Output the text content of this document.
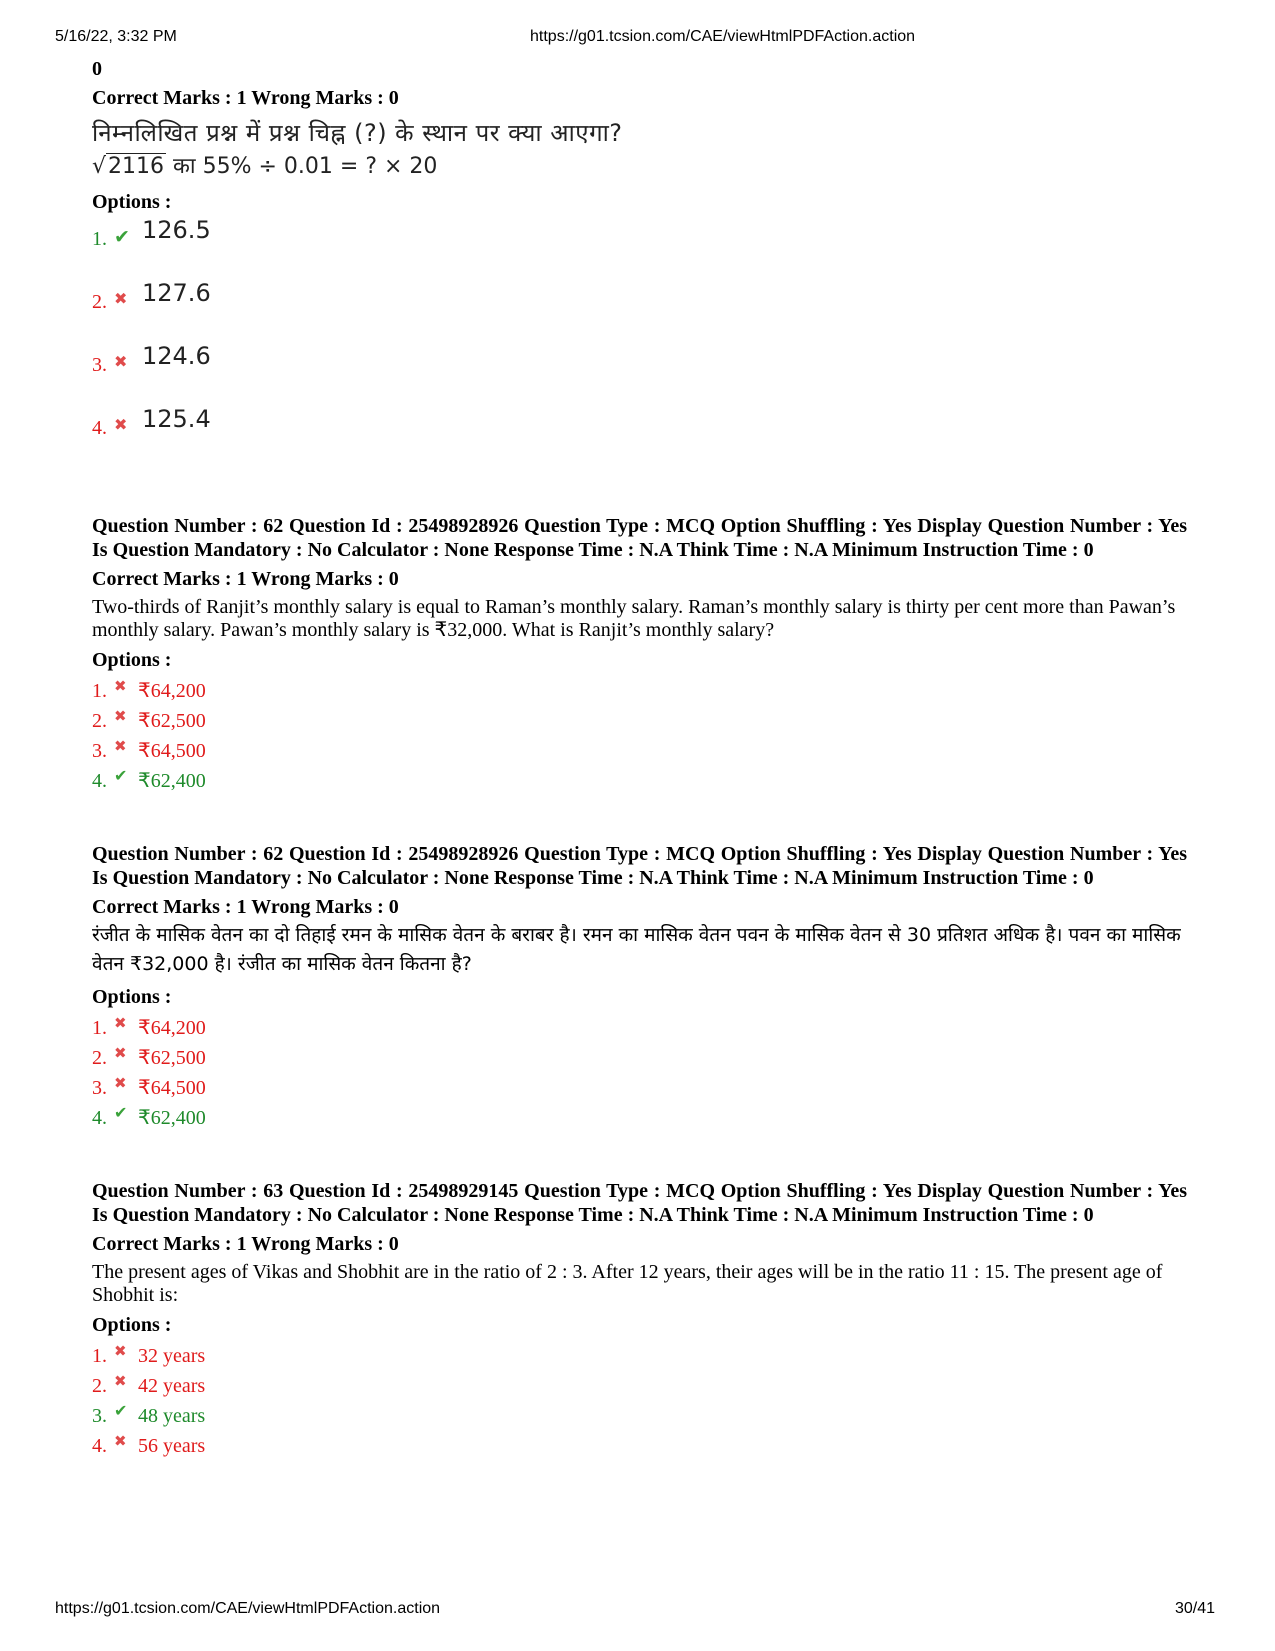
5/16/22, 3:32 PM	https://g01.tcsion.com/CAE/viewHtmlPDFAction.action
0
Correct Marks : 1 Wrong Marks : 0
निम्नलिखित प्रश्न में प्रश्न चिह्न (?) के स्थान पर क्या आएगा?
√2116 का 55% ÷ 0.01 = ? × 20
Options :
1. ✔ 126.5
2. ✖ 127.6
3. ✖ 124.6
4. ✖ 125.4
Question Number : 62 Question Id : 25498928926 Question Type : MCQ Option Shuffling : Yes Display Question Number : Yes Is Question Mandatory : No Calculator : None Response Time : N.A Think Time : N.A Minimum Instruction Time : 0
Correct Marks : 1 Wrong Marks : 0
Two-thirds of Ranjit’s monthly salary is equal to Raman’s monthly salary. Raman’s monthly salary is thirty per cent more than Pawan’s monthly salary. Pawan’s monthly salary is ₹32,000. What is Ranjit’s monthly salary?
Options :
1. ✖ ₹64,200
2. ✖ ₹62,500
3. ✖ ₹64,500
4. ✔ ₹62,400
Question Number : 62 Question Id : 25498928926 Question Type : MCQ Option Shuffling : Yes Display Question Number : Yes Is Question Mandatory : No Calculator : None Response Time : N.A Think Time : N.A Minimum Instruction Time : 0
Correct Marks : 1 Wrong Marks : 0
रंजीत के मासिक वेतन का दो तिहाई रमन के मासिक वेतन के बराबर है। रमन का मासिक वेतन पवन के मासिक वेतन से 30 प्रतिशत अधिक है। पवन का मासिक वेतन ₹32,000 है। रंजीत का मासिक वेतन कितना है?
Options :
1. ✖ ₹64,200
2. ✖ ₹62,500
3. ✖ ₹64,500
4. ✔ ₹62,400
Question Number : 63 Question Id : 25498929145 Question Type : MCQ Option Shuffling : Yes Display Question Number : Yes Is Question Mandatory : No Calculator : None Response Time : N.A Think Time : N.A Minimum Instruction Time : 0
Correct Marks : 1 Wrong Marks : 0
The present ages of Vikas and Shobhit are in the ratio of 2 : 3. After 12 years, their ages will be in the ratio 11 : 15. The present age of Shobhit is:
Options :
1. ✖ 32 years
2. ✖ 42 years
3. ✔ 48 years
4. ✖ 56 years
https://g01.tcsion.com/CAE/viewHtmlPDFAction.action	30/41
